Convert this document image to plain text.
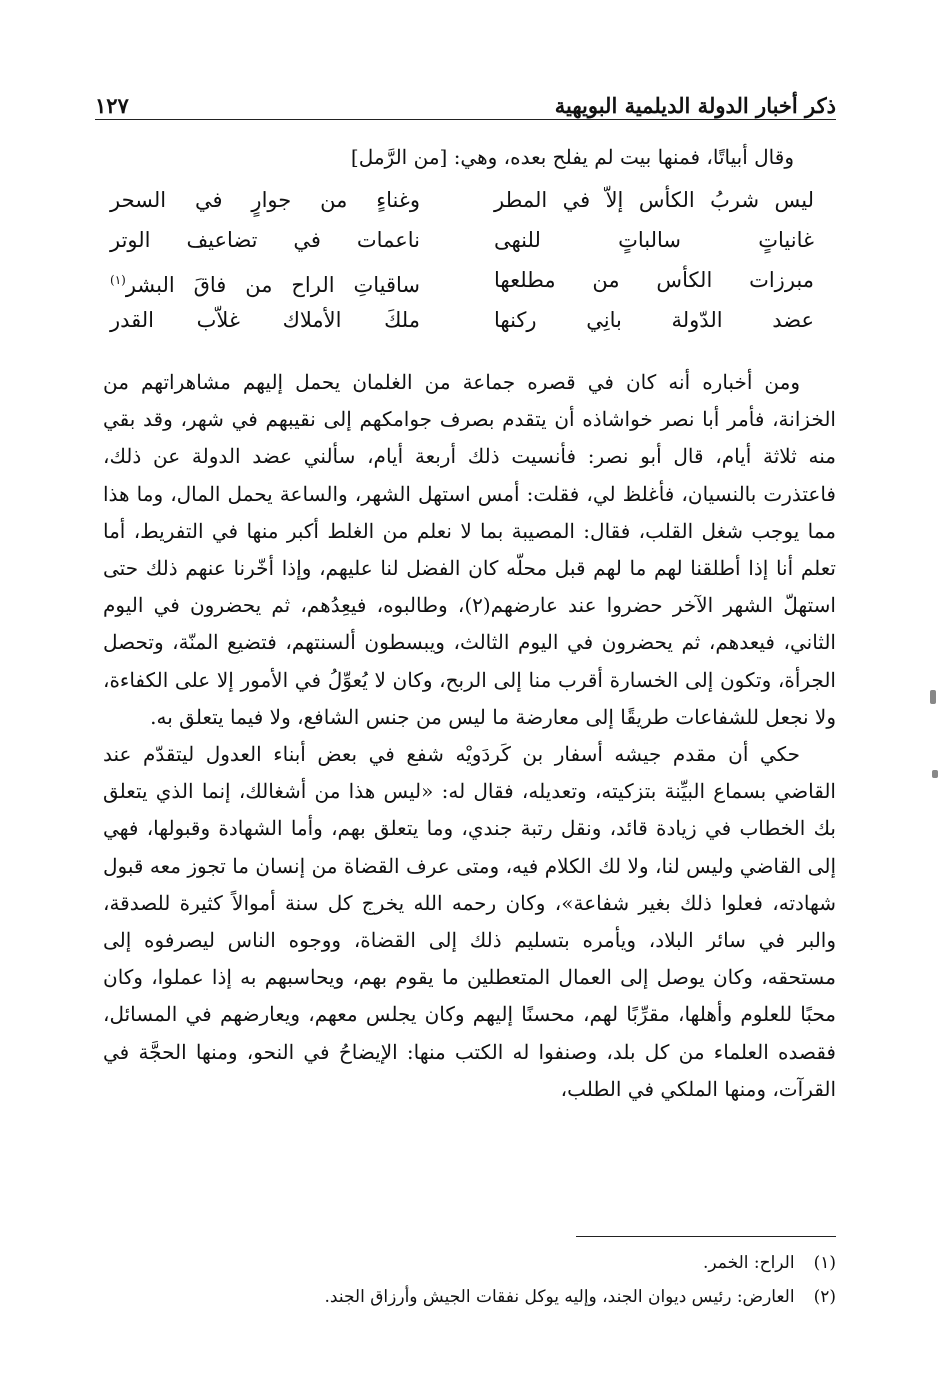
ذكر أخبار الدولة الديلمية البويهية
١٢٧
وقال أبياتًا، فمنها بيت لم يفلح بعده، وهي: [من الرَّمل]
ليس شربُ الكأس إلاّ في المطر
وغناءٍ من جوارٍ في السحر
غانياتٍ سالباتٍ للنهى
ناعمات في تضاعيف الوتر
مبرزات الكأس من مطلعها
ساقياتِ الراح من فاقَ البشر$^{(١)}$
عضد الدّولة بانِي ركنها
ملكَ الأملاك غلاّب القدر

ومن أخباره أنه كان في قصره جماعة من الغلمان يحمل إليهم مشاهراتهم من الخزانة، فأمر أبا نصر خواشاذه أن يتقدم بصرف جوامكهم إلى نقيبهم في شهر، وقد بقي منه ثلاثة أيام، قال أبو نصر: فأنسيت ذلك أربعة أيام، سألني عضد الدولة عن ذلك، فاعتذرت بالنسيان، فأغلظ لي، فقلت: أمس استهل الشهر، والساعة يحمل المال، وما هذا مما يوجب شغل القلب، فقال: المصيبة بما لا نعلم من الغلط أكبر منها في التفريط، أما تعلم أنا إذا أطلقنا لهم ما لهم قبل محلّه كان الفضل لنا عليهم، وإذا أخّرنا عنهم ذلك حتى استهلّ الشهر الآخر حضروا عند عارضهم(٢)، وطالبوه، فيعِدُهم، ثم يحضرون في اليوم الثاني، فيعدهم، ثم يحضرون في اليوم الثالث، ويبسطون ألسنتهم، فتضيع المنّة، وتحصل الجرأة، وتكون إلى الخسارة أقرب منا إلى الربح، وكان لا يُعوِّلُ في الأمور إلا على الكفاءة، ولا نجعل للشفاعات طريقًا إلى معارضة ما ليس من جنس الشافع، ولا فيما يتعلق به.

حكي أن مقدم جيشه أسفار بن كَردَويْه شفع في بعض أبناء العدول ليتقدّم عند القاضي بسماع البيِّنة بتزكيته، وتعديله، فقال له: «ليس هذا من أشغالك، إنما الذي يتعلق بك الخطاب في زيادة قائد، ونقل رتبة جندي، وما يتعلق بهم، وأما الشهادة وقبولها، فهي إلى القاضي وليس لنا، ولا لك الكلام فيه، ومتى عرف القضاة من إنسان ما تجوز معه قبول شهادته، فعلوا ذلك بغير شفاعة»، وكان رحمه الله يخرج كل سنة أموالاً كثيرة للصدقة، والبر في سائر البلاد، ويأمره بتسليم ذلك إلى القضاة، ووجوه الناس ليصرفوه إلى مستحقه، وكان يوصل إلى العمال المتعطلين ما يقوم بهم، ويحاسبهم به إذا عملوا، وكان محبًا للعلوم وأهلها، مقرِّبًا لهم، محسنًا إليهم وكان يجلس معهم، ويعارضهم في المسائل، فقصده العلماء من كل بلد، وصنفوا له الكتب منها: الإيضاحُ في النحو، ومنها الحجَّة في القرآت، ومنها الملكي في الطلب،

(١) الراح: الخمر.
(٢) العارض: رئيس ديوان الجند، وإليه يوكل نفقات الجيش وأرزاق الجند.
